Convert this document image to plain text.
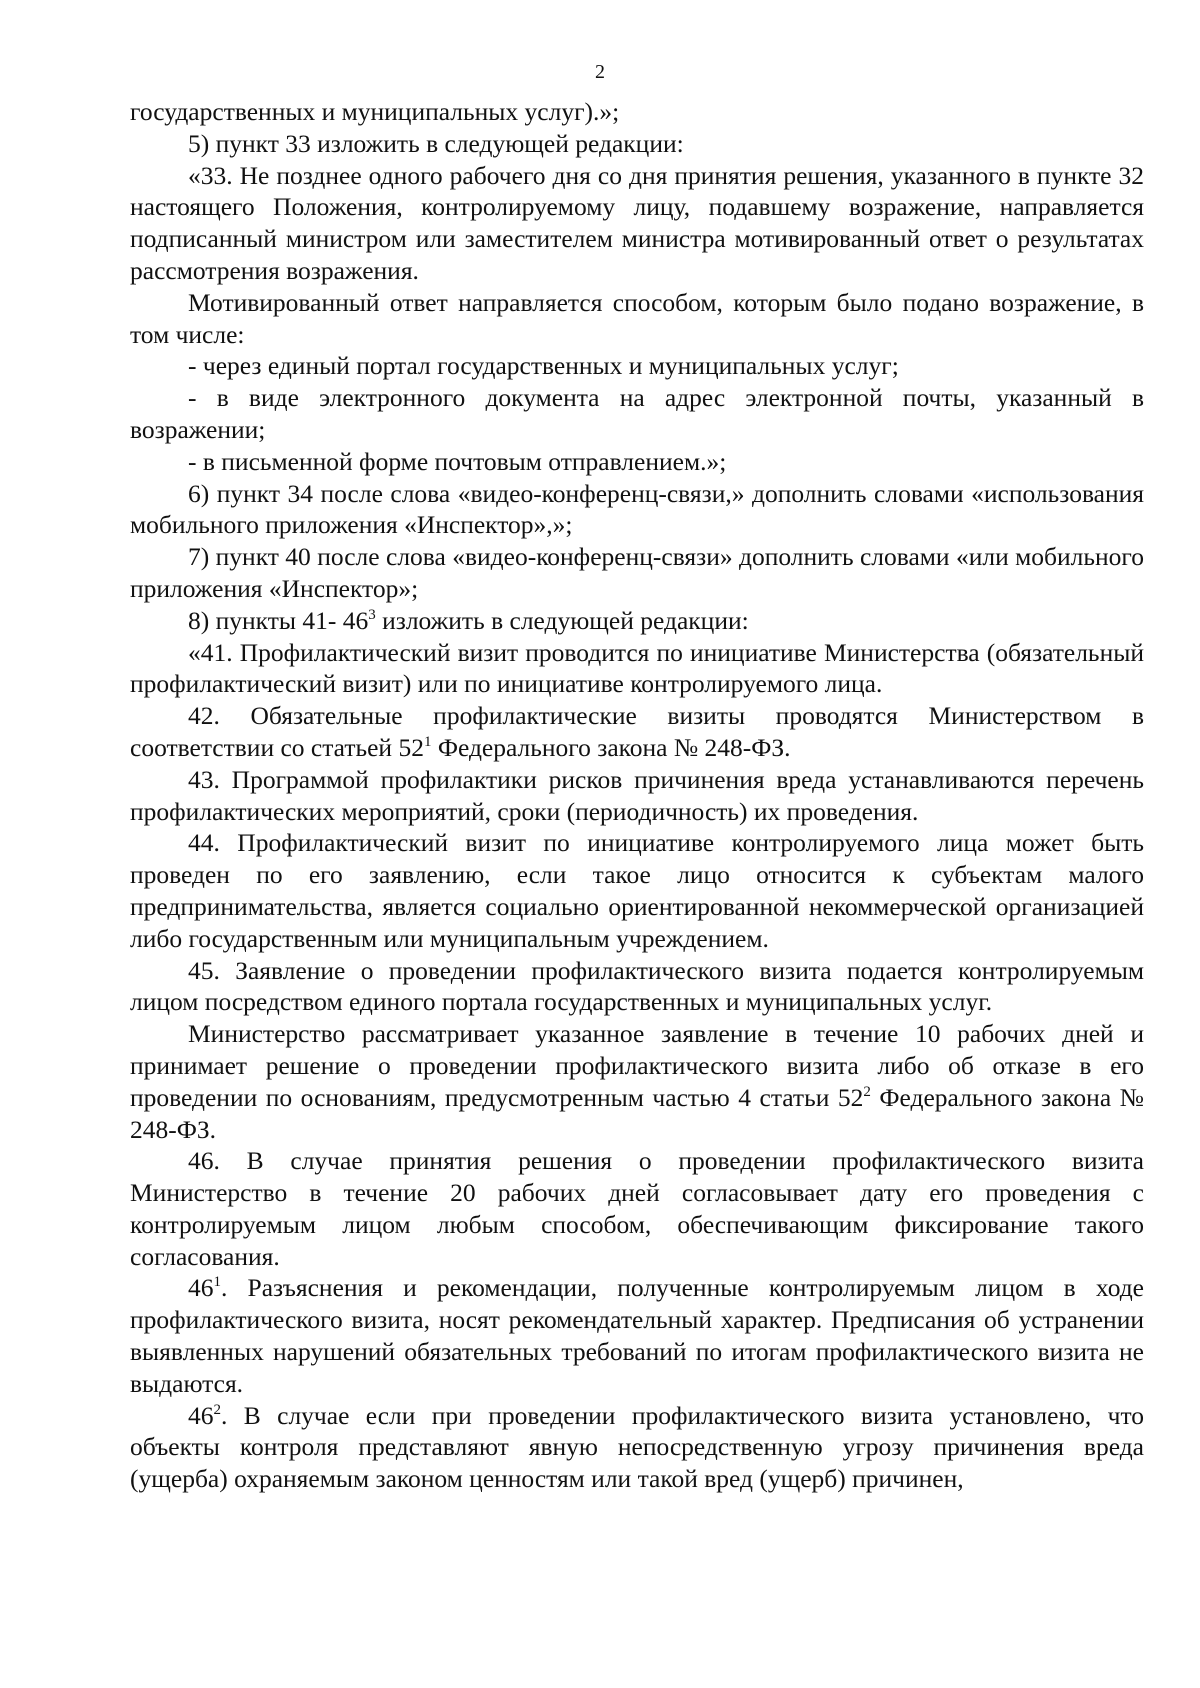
2

государственных и муниципальных услуг).»;

5) пункт 33 изложить в следующей редакции:

«33. Не позднее одного рабочего дня со дня принятия решения, указанного в пункте 32 настоящего Положения, контролируемому лицу, подавшему возражение, направляется подписанный министром или заместителем министра мотивированный ответ о результатах рассмотрения возражения.

Мотивированный ответ направляется способом, которым было подано возражение, в том числе:

- через единый портал государственных и муниципальных услуг;

- в виде электронного документа на адрес электронной почты, указанный в возражении;

- в письменной форме почтовым отправлением.»;

6) пункт 34 после слова «видео-конференц-связи,» дополнить словами «использования мобильного приложения «Инспектор»,»;

7) пункт 40 после слова «видео-конференц-связи» дополнить словами «или мобильного приложения «Инспектор»;

8) пункты 41- $46^3$ изложить в следующей редакции:

«41. Профилактический визит проводится по инициативе Министерства (обязательный профилактический визит) или по инициативе контролируемого лица.

42. Обязательные профилактические визиты проводятся Министерством в соответствии со статьей $52^1$ Федерального закона № 248-ФЗ.

43. Программой профилактики рисков причинения вреда устанавливаются перечень профилактических мероприятий, сроки (периодичность) их проведения.

44. Профилактический визит по инициативе контролируемого лица может быть проведен по его заявлению, если такое лицо относится к субъектам малого предпринимательства, является социально ориентированной некоммерческой организацией либо государственным или муниципальным учреждением.

45. Заявление о проведении профилактического визита подается контролируемым лицом посредством единого портала государственных и муниципальных услуг.

Министерство рассматривает указанное заявление в течение 10 рабочих дней и принимает решение о проведении профилактического визита либо об отказе в его проведении по основаниям, предусмотренным частью 4 статьи $52^2$ Федерального закона № 248-ФЗ.

46. В случае принятия решения о проведении профилактического визита Министерство в течение 20 рабочих дней согласовывает дату его проведения с контролируемым лицом любым способом, обеспечивающим фиксирование такого согласования.

$46^1$. Разъяснения и рекомендации, полученные контролируемым лицом в ходе профилактического визита, носят рекомендательный характер. Предписания об устранении выявленных нарушений обязательных требований по итогам профилактического визита не выдаются.

$46^2$. В случае если при проведении профилактического визита установлено, что объекты контроля представляют явную непосредственную угрозу причинения вреда (ущерба) охраняемым законом ценностям или такой вред (ущерб) причинен,
